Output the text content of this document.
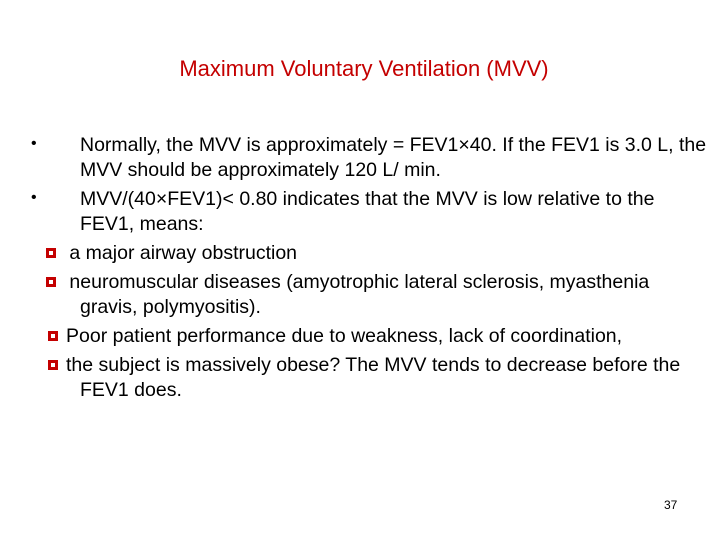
Maximum Voluntary Ventilation (MVV)
• Normally, the MVV is approximately = FEV1×40. If the FEV1 is 3.0 L, the MVV should be approximately 120 L/ min.
• MVV/(40×FEV1)< 0.80 indicates that the MVV is low relative to the FEV1, means:
a major airway obstruction
neuromuscular diseases (amyotrophic lateral sclerosis, myasthenia gravis, polymyositis).
Poor patient performance due to weakness, lack of coordination,
the subject is massively obese? The MVV tends to decrease before the FEV1 does.
37
